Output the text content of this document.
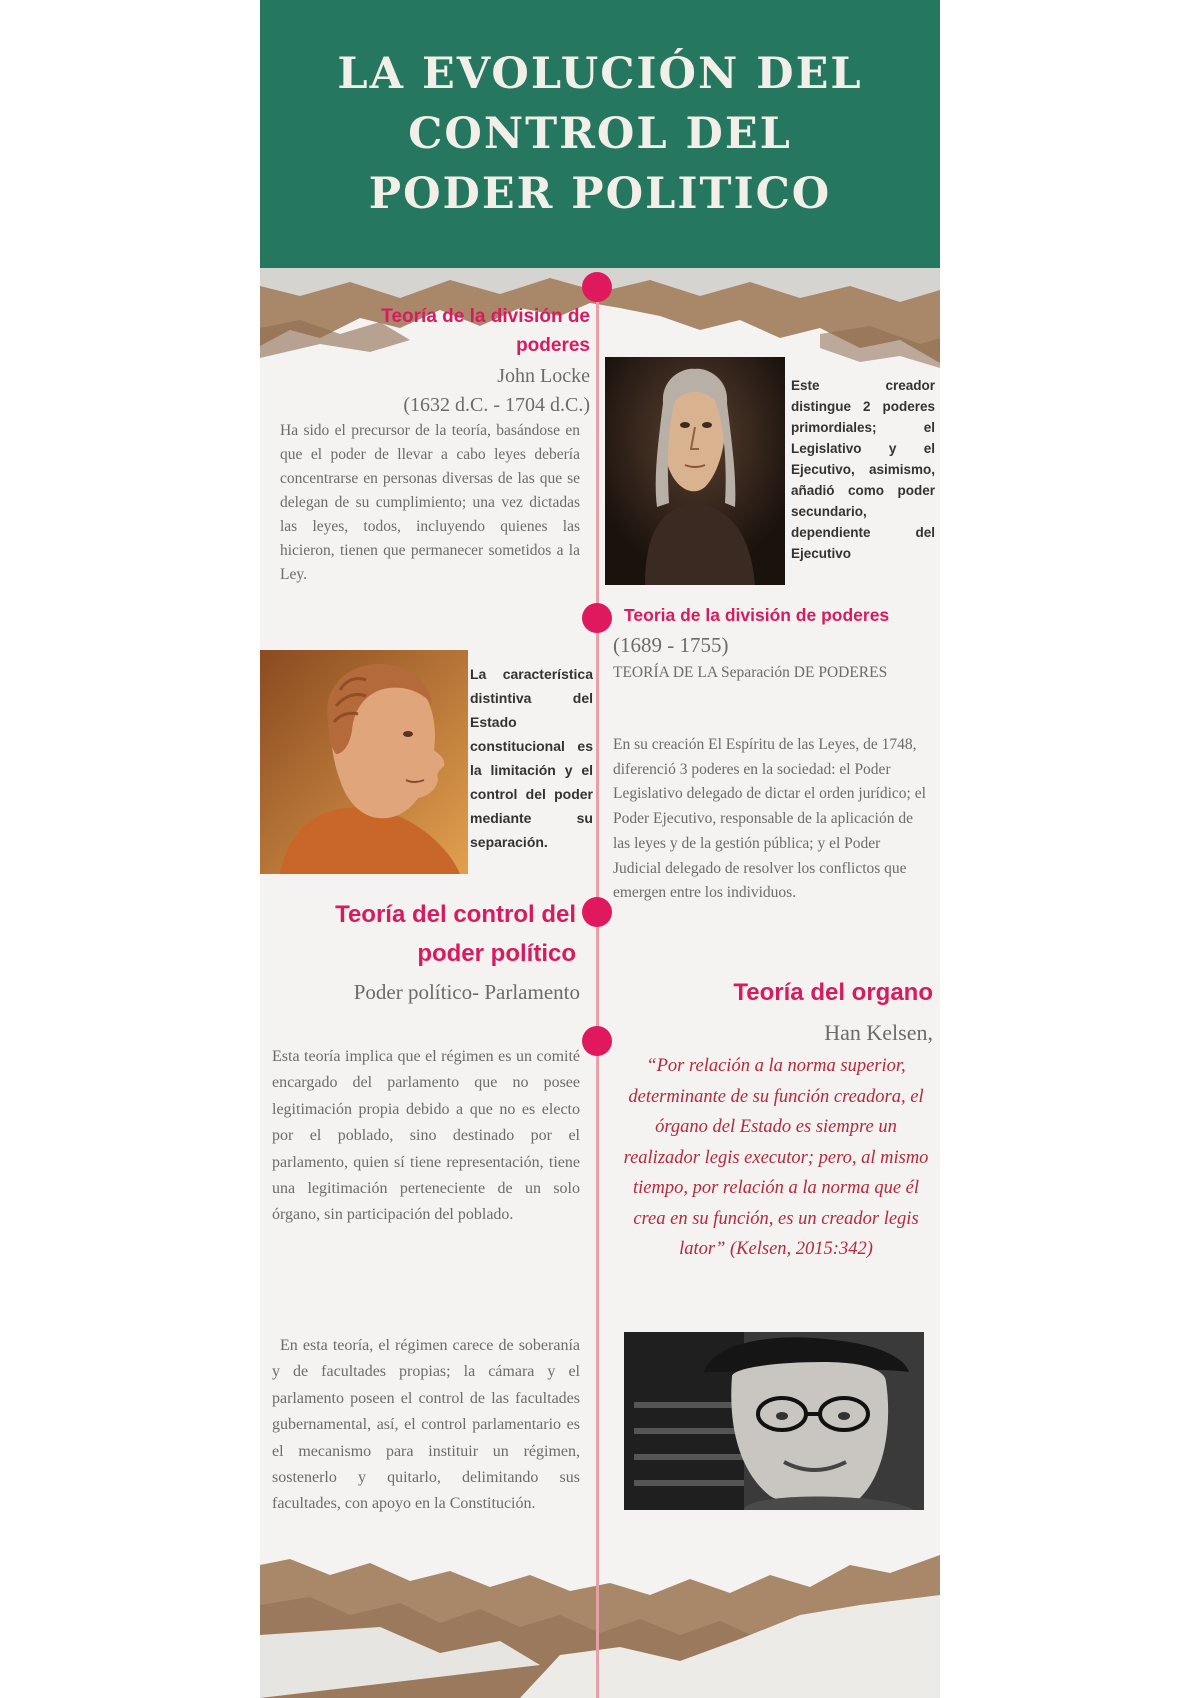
LA EVOLUCIÓN DEL
CONTROL DEL
PODER POLITICO

Teoría de la división de poderes

John Locke

(1632 d.C. - 1704 d.C.)

Ha sido el precursor de la teoría, basándose en que el poder de llevar a cabo leyes debería concentrarse en personas diversas de las que se delegan de su cumplimiento; una vez dictadas las leyes, todos, incluyendo quienes las hicieron, tienen que permanecer sometidos a la Ley.

Este creador distingue 2 poderes primordiales; el Legislativo y el Ejecutivo, asimismo, añadió como poder secundario, dependiente del Ejecutivo

Teoria de la división de poderes

(1689 - 1755)

TEORÍA DE LA Separación DE PODERES

En su creación El Espíritu de las Leyes, de 1748, diferenció 3 poderes en la sociedad: el Poder Legislativo delegado de dictar el orden jurídico; el Poder Ejecutivo, responsable de la aplicación de las leyes y de la gestión pública; y el Poder Judicial delegado de resolver los conflictos que emergen entre los individuos.

La característica distintiva del Estado constitucional es la limitación y el control del poder mediante su separación.

Teoría del control del poder político

Poder político- Parlamento

Esta teoría implica que el régimen es un comité encargado del parlamento que no posee legitimación propia debido a que no es electo por el poblado, sino destinado por el parlamento, quien sí tiene representación, tiene una legitimación perteneciente de un solo órgano, sin participación del poblado.

En esta teoría, el régimen carece de soberanía y de facultades propias; la cámara y el parlamento poseen el control de las facultades gubernamental, así, el control parlamentario es el mecanismo para instituir un régimen, sostenerlo y quitarlo, delimitando sus facultades, con apoyo en la Constitución.

Teoría del organo

Han Kelsen,

“Por relación a la norma superior, determinante de su función creadora, el órgano del Estado es siempre un realizador legis executor; pero, al mismo tiempo, por relación a la norma que él crea en su función, es un creador legis lator” (Kelsen, 2015:342)
